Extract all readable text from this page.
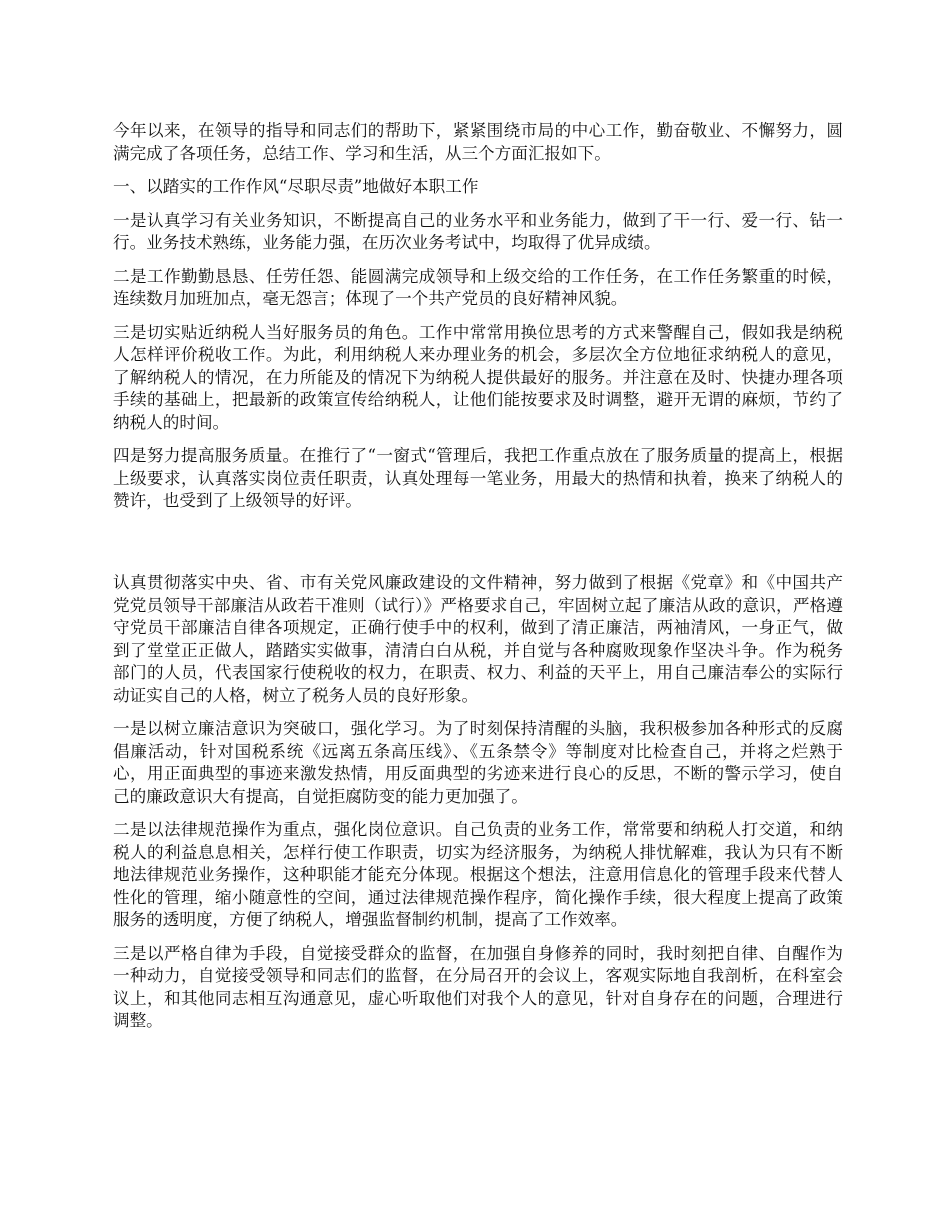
今年以来，在领导的指导和同志们的帮助下，紧紧围绕市局的中心工作，勤奋敬业、不懈努力，圆满完成了各项任务，总结工作、学习和生活，从三个方面汇报如下。

一、以踏实的工作作风“尽职尽责”地做好本职工作

一是认真学习有关业务知识，不断提高自己的业务水平和业务能力，做到了干一行、爱一行、钻一行。业务技术熟练，业务能力强，在历次业务考试中，均取得了优异成绩。

二是工作勤勤恳恳、任劳任怨、能圆满完成领导和上级交给的工作任务，在工作任务繁重的时候，连续数月加班加点，毫无怨言；体现了一个共产党员的良好精神风貌。

三是切实贴近纳税人当好服务员的角色。工作中常常用换位思考的方式来警醒自己，假如我是纳税人怎样评价税收工作。为此，利用纳税人来办理业务的机会，多层次全方位地征求纳税人的意见，了解纳税人的情况，在力所能及的情况下为纳税人提供最好的服务。并注意在及时、快捷办理各项手续的基础上，把最新的政策宣传给纳税人，让他们能按要求及时调整，避开无谓的麻烦，节约了纳税人的时间。

四是努力提高服务质量。在推行了“一窗式“管理后，我把工作重点放在了服务质量的提高上，根据上级要求，认真落实岗位责任职责，认真处理每一笔业务，用最大的热情和执着，换来了纳税人的赞许，也受到了上级领导的好评。

认真贯彻落实中央、省、市有关党风廉政建设的文件精神，努力做到了根据《党章》和《中国共产党党员领导干部廉洁从政若干准则（试行）》严格要求自己，牢固树立起了廉洁从政的意识，严格遵守党员干部廉洁自律各项规定，正确行使手中的权利，做到了清正廉洁，两袖清风，一身正气，做到了堂堂正正做人，踏踏实实做事，清清白白从税，并自觉与各种腐败现象作坚决斗争。作为税务部门的人员，代表国家行使税收的权力，在职责、权力、利益的天平上，用自己廉洁奉公的实际行动证实自己的人格，树立了税务人员的良好形象。

一是以树立廉洁意识为突破口，强化学习。为了时刻保持清醒的头脑，我积极参加各种形式的反腐倡廉活动，针对国税系统《远离五条高压线》、《五条禁令》等制度对比检查自己，并将之烂熟于心，用正面典型的事迹来激发热情，用反面典型的劣迹来进行良心的反思，不断的警示学习，使自己的廉政意识大有提高，自觉拒腐防变的能力更加强了。

二是以法律规范操作为重点，强化岗位意识。自己负责的业务工作，常常要和纳税人打交道，和纳税人的利益息息相关，怎样行使工作职责，切实为经济服务，为纳税人排忧解难，我认为只有不断地法律规范业务操作，这种职能才能充分体现。根据这个想法，注意用信息化的管理手段来代替人性化的管理，缩小随意性的空间，通过法律规范操作程序，简化操作手续，很大程度上提高了政策服务的透明度，方便了纳税人，增强监督制约机制，提高了工作效率。

三是以严格自律为手段，自觉接受群众的监督，在加强自身修养的同时，我时刻把自律、自醒作为一种动力，自觉接受领导和同志们的监督，在分局召开的会议上，客观实际地自我剖析，在科室会议上，和其他同志相互沟通意见，虚心听取他们对我个人的意见，针对自身存在的问题，合理进行调整。
